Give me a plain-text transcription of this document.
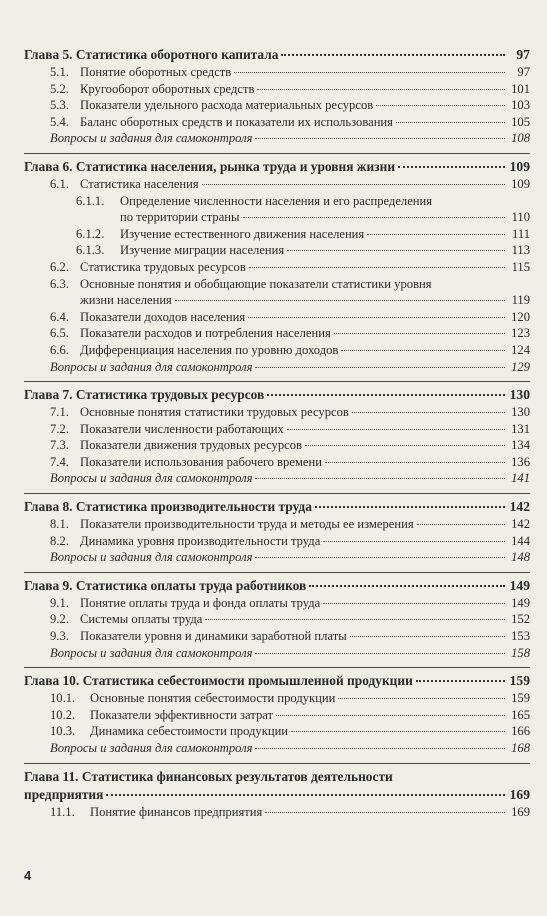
Глава 5. Статистика оборотного капитала	97
5.1. Понятие оборотных средств	97
5.2. Кругооборот оборотных средств	101
5.3. Показатели удельного расхода материальных ресурсов	103
5.4. Баланс оборотных средств и показатели их использования	105
Вопросы и задания для самоконтроля	108
Глава 6. Статистика населения, рынка труда и уровня жизни	109
6.1. Статистика населения	109
6.1.1.	Определение численности населения и его распределения
по территории страны	110
6.1.2.	Изучение естественного движения населения	111
6.1.3.	Изучение миграции населения	113
6.2. Статистика трудовых ресурсов	115
6.3. Основные понятия и обобщающие показатели статистики уровня
жизни населения	119
6.4. Показатели доходов населения	120
6.5. Показатели расходов и потребления населения	123
6.6. Дифференциация населения по уровню доходов	124
Вопросы и задания для самоконтроля	129
Глава 7. Статистика трудовых ресурсов	130
7.1. Основные понятия статистики трудовых ресурсов	130
7.2. Показатели численности работающих	131
7.3. Показатели движения трудовых ресурсов	134
7.4. Показатели использования рабочего времени	136
Вопросы и задания для самоконтроля	141
Глава 8. Статистика производительности труда	142
8.1. Показатели производительности труда и методы ее измерения	142
8.2. Динамика уровня производительности труда	144
Вопросы и задания для самоконтроля	148
Глава 9. Статистика оплаты труда работников	149
9.1. Понятие оплаты труда и фонда оплаты труда	149
9.2. Системы оплаты труда	152
9.3. Показатели уровня и динамики заработной платы	153
Вопросы и задания для самоконтроля	158
Глава 10. Статистика себестоимости промышленной продукции	159
10.1.	Основные понятия себестоимости продукции	159
10.2.	Показатели эффективности затрат	165
10.3.	Динамика себестоимости продукции	166
Вопросы и задания для самоконтроля	168
Глава 11. Статистика финансовых результатов деятельности
предприятия	169
11.1.	Понятие финансов предприятия	169
4
